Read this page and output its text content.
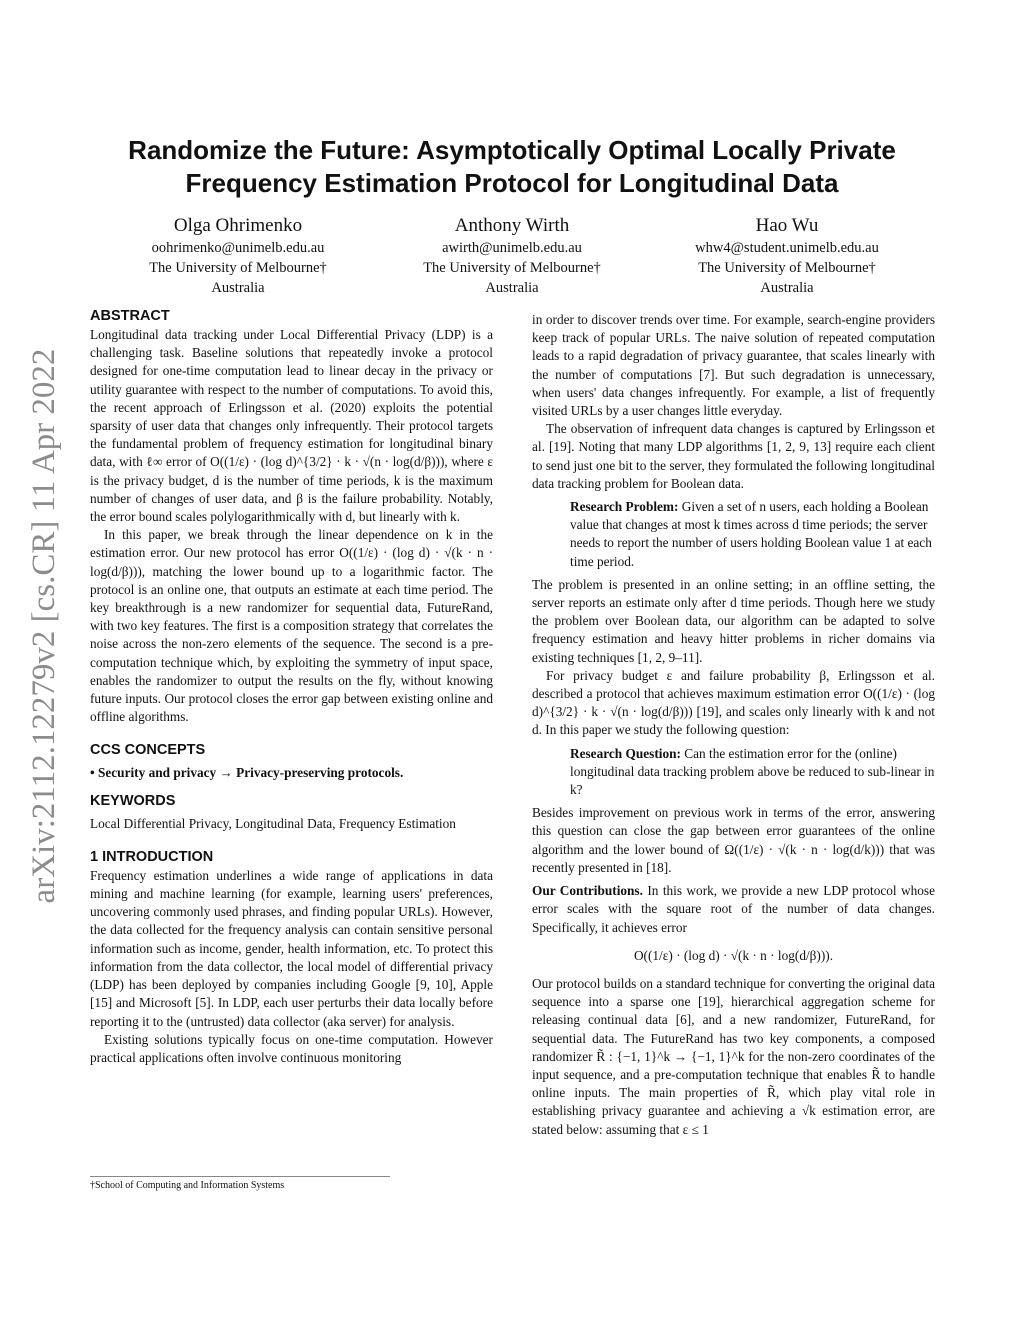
arXiv:2112.12279v2 [cs.CR] 11 Apr 2022
Randomize the Future: Asymptotically Optimal Locally Private
Frequency Estimation Protocol for Longitudinal Data
Olga Ohrimenko
oohrimenko@unimelb.edu.au
The University of Melbourne†
Australia
Anthony Wirth
awirth@unimelb.edu.au
The University of Melbourne†
Australia
Hao Wu
whw4@student.unimelb.edu.au
The University of Melbourne†
Australia
ABSTRACT

Longitudinal data tracking under Local Differential Privacy (LDP) is a challenging task. Baseline solutions that repeatedly invoke a protocol designed for one-time computation lead to linear decay in the privacy or utility guarantee with respect to the number of computations. To avoid this, the recent approach of Erlingsson et al. (2020) exploits the potential sparsity of user data that changes only infrequently. Their protocol targets the fundamental problem of frequency estimation for longitudinal binary data, with ℓ∞ error of O((1/ε) · (log d)^{3/2} · k · √(n · log(d/β))), where ε is the privacy budget, d is the number of time periods, k is the maximum number of changes of user data, and β is the failure probability. Notably, the error bound scales polylogarithmically with d, but linearly with k.

In this paper, we break through the linear dependence on k in the estimation error. Our new protocol has error O((1/ε) · (log d) · √(k · n · log(d/β))), matching the lower bound up to a logarithmic factor. The protocol is an online one, that outputs an estimate at each time period. The key breakthrough is a new randomizer for sequential data, FutureRand, with two key features. The first is a composition strategy that correlates the noise across the non-zero elements of the sequence. The second is a pre-computation technique which, by exploiting the symmetry of input space, enables the randomizer to output the results on the fly, without knowing future inputs. Our protocol closes the error gap between existing online and offline algorithms.

CCS CONCEPTS

• Security and privacy → Privacy-preserving protocols.

KEYWORDS

Local Differential Privacy, Longitudinal Data, Frequency Estimation

1 INTRODUCTION

Frequency estimation underlines a wide range of applications in data mining and machine learning (for example, learning users' preferences, uncovering commonly used phrases, and finding popular URLs). However, the data collected for the frequency analysis can contain sensitive personal information such as income, gender, health information, etc. To protect this information from the data collector, the local model of differential privacy (LDP) has been deployed by companies including Google [9, 10], Apple [15] and Microsoft [5]. In LDP, each user perturbs their data locally before reporting it to the (untrusted) data collector (aka server) for analysis.

Existing solutions typically focus on one-time computation. However practical applications often involve continuous monitoring

in order to discover trends over time. For example, search-engine providers keep track of popular URLs. The naive solution of repeated computation leads to a rapid degradation of privacy guarantee, that scales linearly with the number of computations [7]. But such degradation is unnecessary, when users' data changes infrequently. For example, a list of frequently visited URLs by a user changes little everyday.

The observation of infrequent data changes is captured by Erlingsson et al. [19]. Noting that many LDP algorithms [1, 2, 9, 13] require each client to send just one bit to the server, they formulated the following longitudinal data tracking problem for Boolean data.

Research Problem: Given a set of n users, each holding a Boolean value that changes at most k times across d time periods; the server needs to report the number of users holding Boolean value 1 at each time period.

The problem is presented in an online setting; in an offline setting, the server reports an estimate only after d time periods. Though here we study the problem over Boolean data, our algorithm can be adapted to solve frequency estimation and heavy hitter problems in richer domains via existing techniques [1, 2, 9–11].

For privacy budget ε and failure probability β, Erlingsson et al. described a protocol that achieves maximum estimation error O((1/ε) · (log d)^{3/2} · k · √(n · log(d/β))) [19], and scales only linearly with k and not d. In this paper we study the following question:

Research Question: Can the estimation error for the (online) longitudinal data tracking problem above be reduced to sub-linear in k?

Besides improvement on previous work in terms of the error, answering this question can close the gap between error guarantees of the online algorithm and the lower bound of Ω((1/ε) · √(k · n · log(d/k))) that was recently presented in [18].

Our Contributions. In this work, we provide a new LDP protocol whose error scales with the square root of the number of data changes. Specifically, it achieves error

O((1/ε) · (log d) · √(k · n · log(d/β))).

Our protocol builds on a standard technique for converting the original data sequence into a sparse one [19], hierarchical aggregation scheme for releasing continual data [6], and a new randomizer, FutureRand, for sequential data. The FutureRand has two key components, a composed randomizer R̃ : {−1, 1}^k → {−1, 1}^k for the non-zero coordinates of the input sequence, and a pre-computation technique that enables R̃ to handle online inputs. The main properties of R̃, which play vital role in establishing privacy guarantee and achieving a √k estimation error, are stated below: assuming that ε ≤ 1

†School of Computing and Information Systems
